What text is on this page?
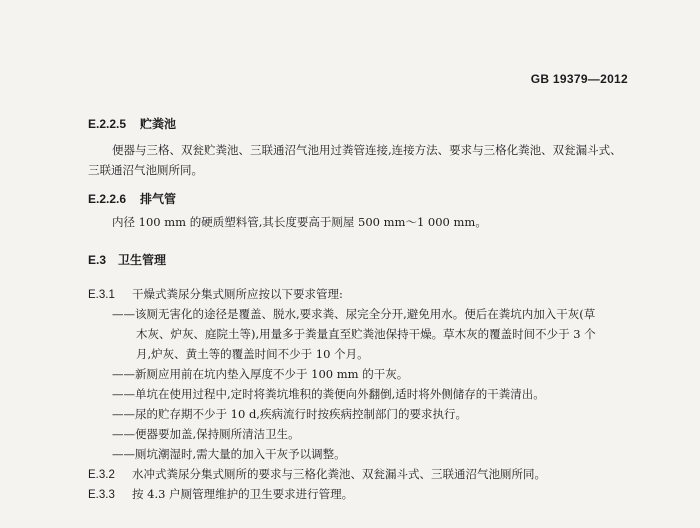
GB 19379—2012
E.2.2.5 贮粪池
便器与三格、双瓮贮粪池、三联通沼气池用过粪管连接,连接方法、要求与三格化粪池、双瓮漏斗式、
三联通沼气池厕所同。
E.2.2.6 排气管
内径 100 mm 的硬质塑料管,其长度要高于厕屋 500 mm～1 000 mm。
E.3 卫生管理
E.3.1 干燥式粪尿分集式厕所应按以下要求管理:
——该厕无害化的途径是覆盖、脱水,要求粪、尿完全分开,避免用水。便后在粪坑内加入干灰(草
木灰、炉灰、庭院土等),用量多于粪量直至贮粪池保持干燥。草木灰的覆盖时间不少于 3 个
月,炉灰、黄土等的覆盖时间不少于 10 个月。
——新厕应用前在坑内垫入厚度不少于 100 mm 的干灰。
——单坑在使用过程中,定时将粪坑堆积的粪便向外翻倒,适时将外侧储存的干粪清出。
——尿的贮存期不少于 10 d,疾病流行时按疾病控制部门的要求执行。
——便器要加盖,保持厕所清洁卫生。
——厕坑潮湿时,需大量的加入干灰予以调整。
E.3.2 水冲式粪尿分集式厕所的要求与三格化粪池、双瓮漏斗式、三联通沼气池厕所同。
E.3.3 按 4.3 户厕管理维护的卫生要求进行管理。
